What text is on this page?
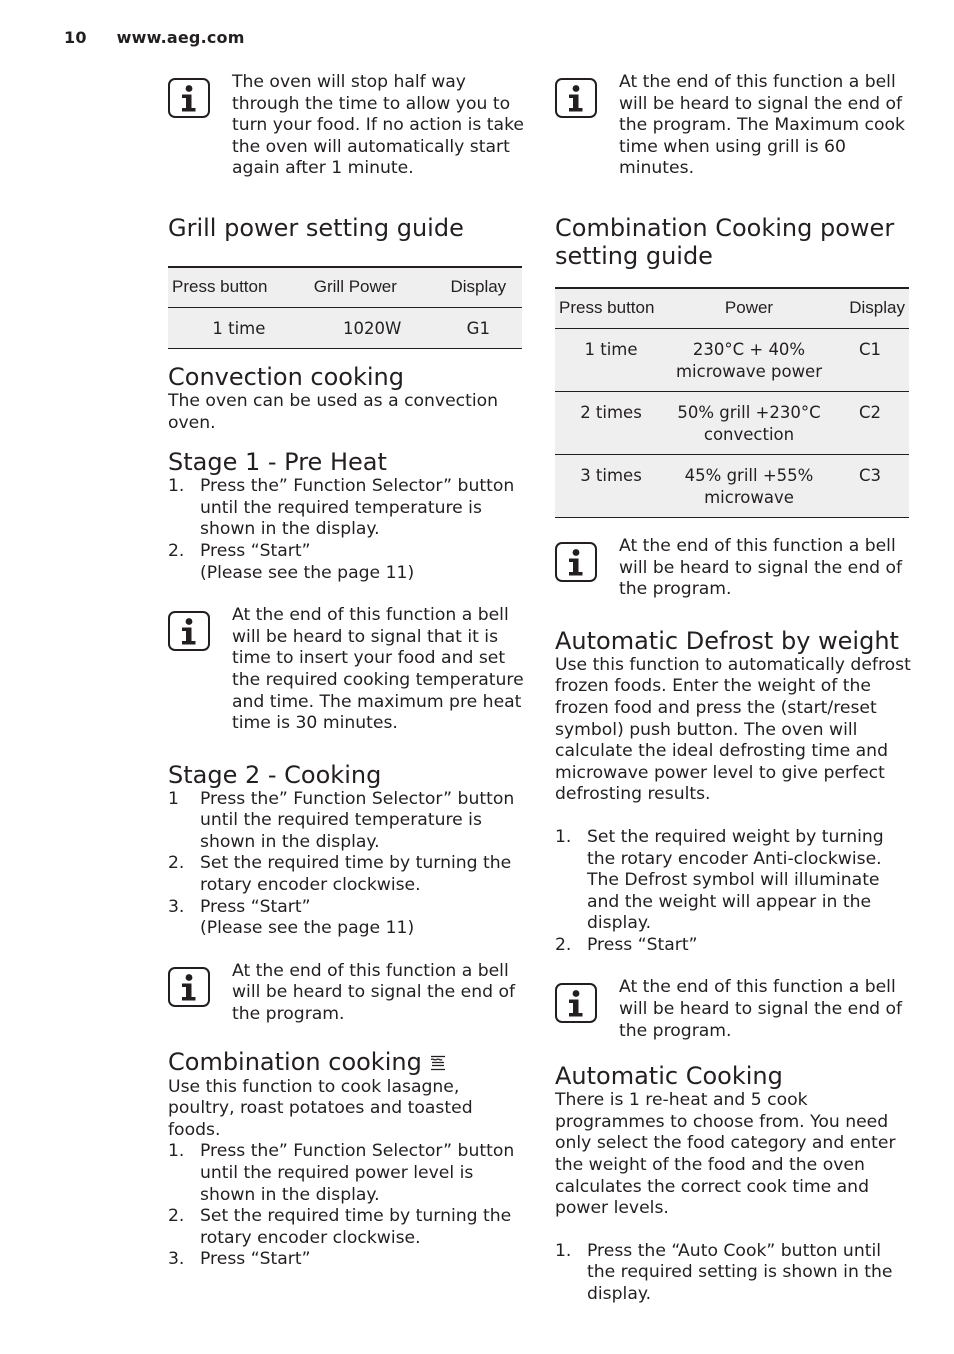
10 www.aeg.com
The oven will stop half way through the time to allow you to turn your food. If no action is take the oven will automatically start again after 1 minute.
Grill power setting guide
Press button	Grill Power	Display
1 time	1020W	G1
Convection cooking

The oven can be used as a convection oven.

Stage 1 - Pre Heat
1. Press the” Function Selector” button until the required temperature is shown in the display.
2. Press “Start”
(Please see the page 11)
At the end of this function a bell will be heard to signal that it is time to insert your food and set the required cooking temperature and time. The maximum pre heat time is 30 minutes.
Stage 2 - Cooking
1 Press the” Function Selector” button until the required temperature is shown in the display.
2. Set the required time by turning the rotary encoder clockwise.
3. Press “Start”
(Please see the page 11)
At the end of this function a bell will be heard to signal the end of the program.
Combination cooking

Use this function to cook lasagne, poultry, roast potatoes and toasted foods.

1. Press the” Function Selector” button until the required power level is shown in the display.
2. Set the required time by turning the rotary encoder clockwise.
3. Press “Start”
At the end of this function a bell will be heard to signal the end of the program. The Maximum cook time when using grill is 60 minutes.
Combination Cooking power setting guide
Press button	Power	Display
1 time	230°C + 40% microwave power	C1
2 times	50% grill +230°C convection	C2
3 times	45% grill +55% microwave	C3
At the end of this function a bell will be heard to signal the end of the program.
Automatic Defrost by weight

Use this function to automatically defrost frozen foods. Enter the weight of the frozen food and press the (start/reset symbol) push button. The oven will calculate the ideal defrosting time and microwave power level to give perfect defrosting results.

1. Set the required weight by turning the rotary encoder Anti-clockwise. The Defrost symbol will illuminate and the weight will appear in the display.
2. Press “Start”
At the end of this function a bell will be heard to signal the end of the program.
Automatic Cooking

There is 1 re-heat and 5 cook programmes to choose from. You need only select the food category and enter the weight of the food and the oven calculates the correct cook time and power levels.

1. Press the “Auto Cook” button until the required setting is shown in the display.
